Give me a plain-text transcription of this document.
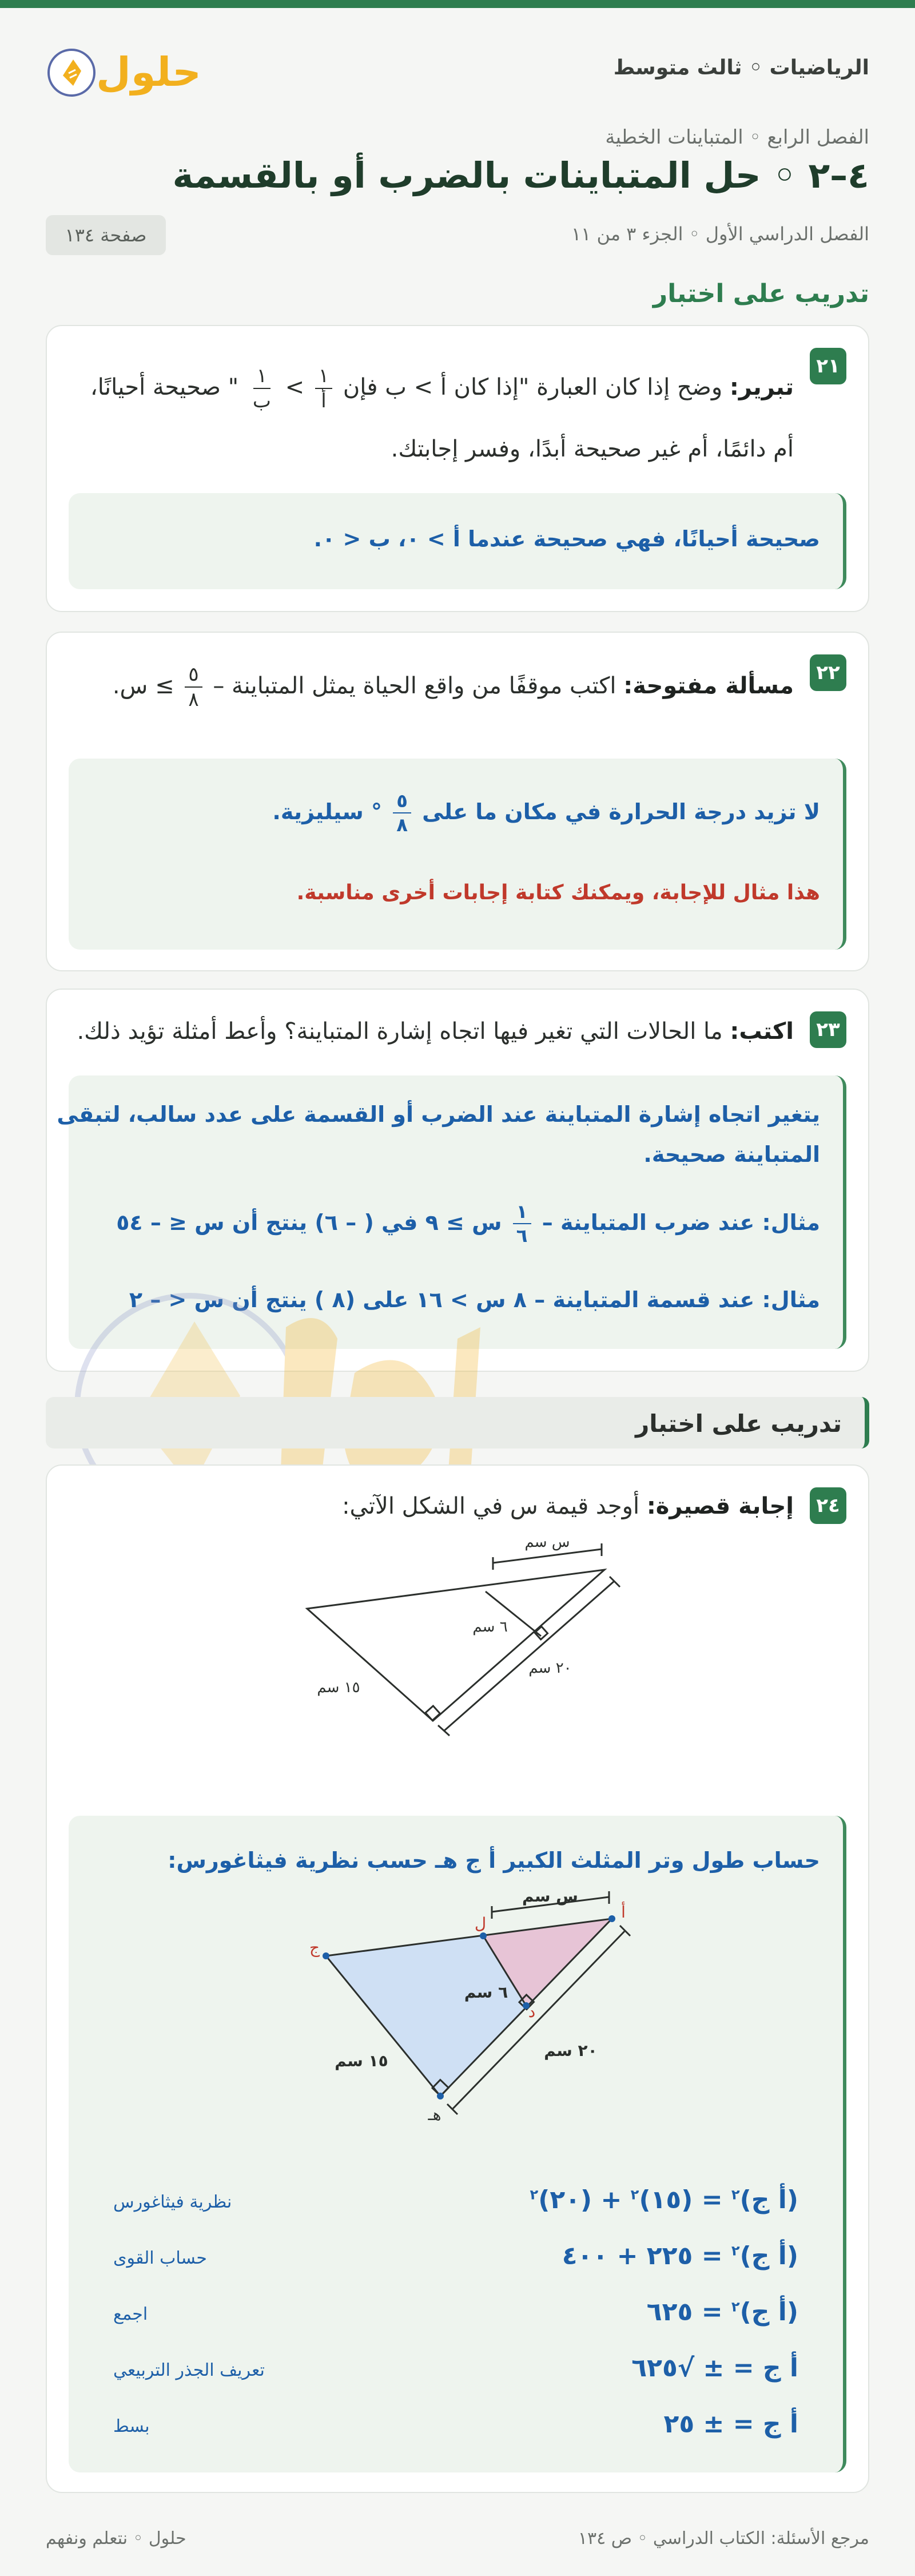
حلول	الرياضيات ◦ ثالث متوسط
الفصل الرابع ◦ المتباينات الخطية
٤–٢ ◦ حل المتباينات بالضرب أو بالقسمة
الفصل الدراسي الأول ◦ الجزء ٣ من ١١
صفحة ١٣٤
تدريب على اختبار
٢١
تبرير: وضح إذا كان العبارة "إذا كان أ > ب فإن
$\frac{١}{\text{أ}}$
>
$\frac{١}{\text{ب}}$
" صحيحة أحيانًا،
أم دائمًا، أم غير صحيحة أبدًا، وفسر إجابتك.
صحيحة أحيانًا، فهي صحيحة عندما أ > ٠، ب < ٠.
٢٢
مسألة مفتوحة: اكتب موقفًا من واقع الحياة يمثل المتباينة –
$\frac{٥}{٨}$
≥ س.
لا تزيد درجة الحرارة في مكان ما على
$\frac{٥}{٨}$
° سيليزية.
هذا مثال للإجابة، ويمكنك كتابة إجابات أخرى مناسبة.
٢٣
اكتب: ما الحالات التي تغير فيها اتجاه إشارة المتباينة؟ وأعط أمثلة تؤيد ذلك.
يتغير اتجاه إشارة المتباينة عند الضرب أو القسمة على عدد سالب، لتبقى
المتباينة صحيحة.
مثال: عند ضرب المتباينة –
$\frac{١}{٦}$
س ≥ ٩ في ( – ٦) ينتج أن س ≤ – ٥٤
مثال: عند قسمة المتباينة – ٨ س > ١٦ على (٨ ) ينتج أن س < – ٢
تدريب على اختبار
٢٤
إجابة قصيرة: أوجد قيمة س في الشكل الآتي:
س سم
٦ سم
٢٠ سم
١٥ سم
حساب طول وتر المثلث الكبير أ ج هـ حسب نظرية فيثاغورس:
س سم
٦ سم
٢٠ سم
١٥ سم
أ
ل
ج
د
هـ
(أ ج)$^٢$ = (١٥)$^٢$ + (٢٠)$^٢$
نظرية فيثاغورس
(أ ج)$^٢$ = ٢٢٥ + ٤٠٠
حساب القوى
(أ ج)$^٢$ = ٦٢٥
اجمع
أ ج = ± √٦٢٥
تعريف الجذر التربيعي
أ ج = ± ٢٥
بسط
حلول ◦ نتعلم ونفهم	مرجع الأسئلة: الكتاب الدراسي ◦ ص ١٣٤
